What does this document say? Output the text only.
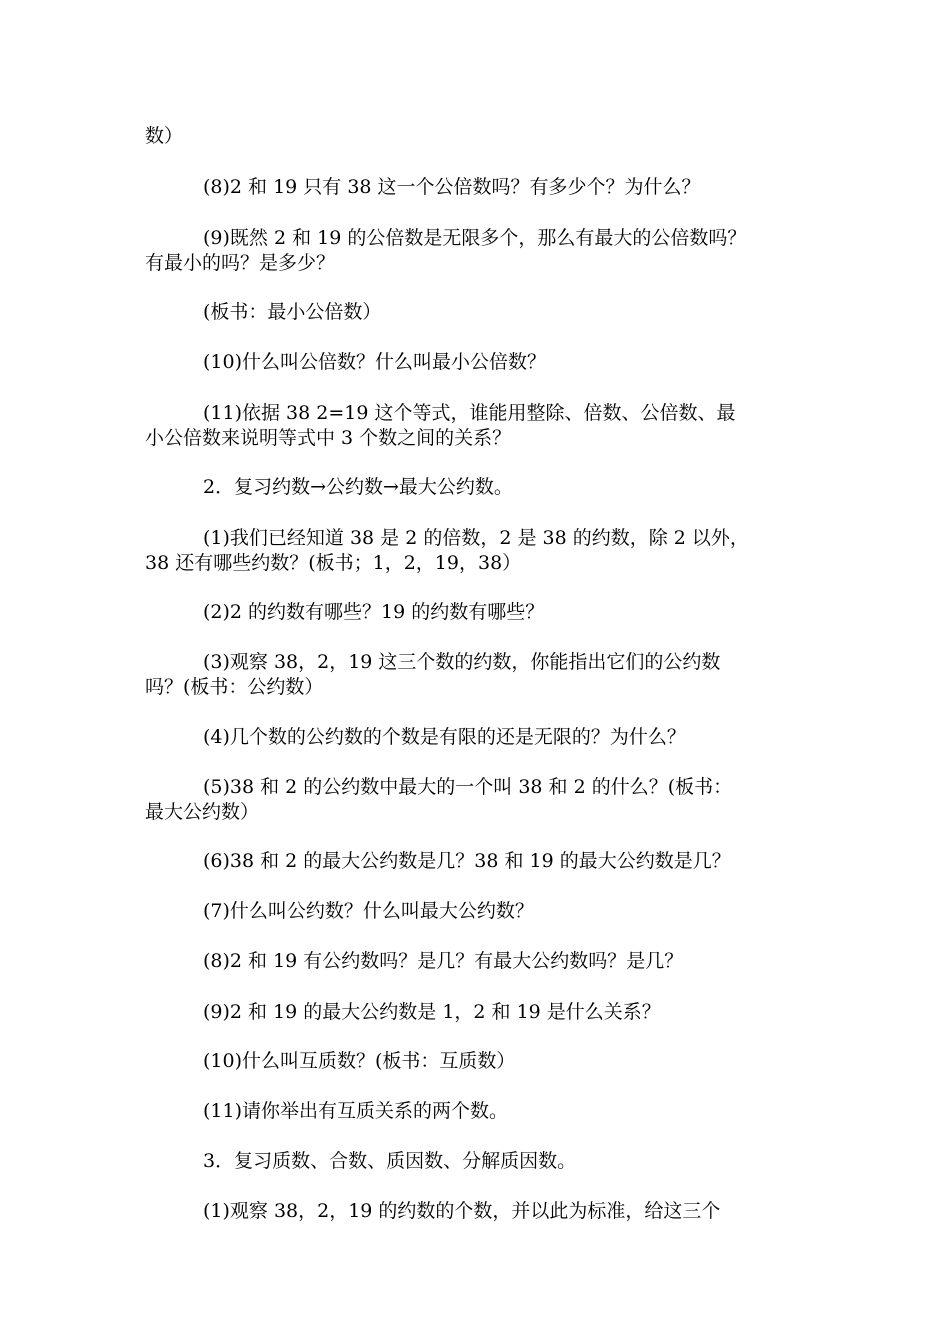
数）

(8)2 和 19 只有 38 这一个公倍数吗？有多少个？为什么？

(9)既然 2 和 19 的公倍数是无限多个，那么有最大的公倍数吗？
有最小的吗？是多少？

(板书：最小公倍数）

(10)什么叫公倍数？什么叫最小公倍数？

(11)依据 38 2=19 这个等式，谁能用整除、倍数、公倍数、最
小公倍数来说明等式中 3 个数之间的关系？

2．复习约数→公约数→最大公约数。

(1)我们已经知道 38 是 2 的倍数，2 是 38 的约数，除 2 以外，
38 还有哪些约数？(板书；1，2，19，38）

(2)2 的约数有哪些？19 的约数有哪些？

(3)观察 38，2，19 这三个数的约数，你能指出它们的公约数
吗？(板书：公约数）

(4)几个数的公约数的个数是有限的还是无限的？为什么？

(5)38 和 2 的公约数中最大的一个叫 38 和 2 的什么？(板书：
最大公约数）

(6)38 和 2 的最大公约数是几？38 和 19 的最大公约数是几？

(7)什么叫公约数？什么叫最大公约数？

(8)2 和 19 有公约数吗？是几？有最大公约数吗？是几？

(9)2 和 19 的最大公约数是 1，2 和 19 是什么关系？

(10)什么叫互质数？(板书：互质数）

(11)请你举出有互质关系的两个数。

3．复习质数、合数、质因数、分解质因数。

(1)观察 38，2，19 的约数的个数，并以此为标准，给这三个
